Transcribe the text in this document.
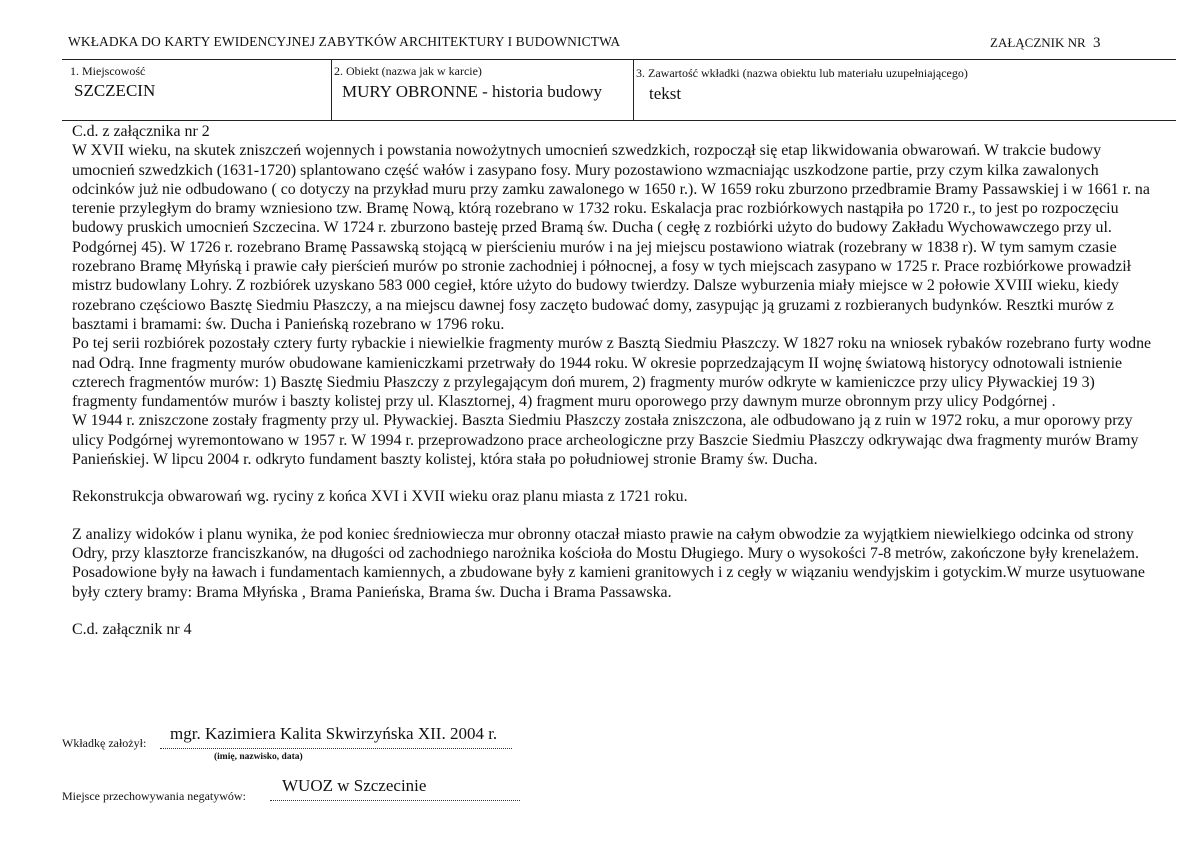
WKŁADKA DO KARTY EWIDENCYJNEJ ZABYTKÓW ARCHITEKTURY I BUDOWNICTWA	ZAŁĄCZNIK NR 3
1. Miejscowość
SZCZECIN
2. Obiekt (nazwa jak w karcie)
MURY OBRONNE - historia budowy
3. Zawartość wkładki (nazwa obiektu lub materiału uzupełniającego)
tekst

C.d. z załącznika nr 2

W XVII wieku, na skutek zniszczeń wojennych i powstania nowożytnych umocnień szwedzkich, rozpoczął się etap likwidowania obwarowań. W trakcie budowy umocnień szwedzkich (1631-1720) splantowano część wałów i zasypano fosy. Mury pozostawiono wzmacniając uszkodzone partie, przy czym kilka zawalonych odcinków już nie odbudowano ( co dotyczy na przykład muru przy zamku zawalonego w 1650 r.). W 1659 roku zburzono przedbramie Bramy Passawskiej i w 1661 r. na terenie przyległym do bramy wzniesiono tzw. Bramę Nową, którą rozebrano w 1732 roku. Eskalacja prac rozbiórkowych nastąpiła po 1720 r., to jest po rozpoczęciu budowy pruskich umocnień Szczecina. W 1724 r. zburzono basteję przed Bramą św. Ducha ( cegłę z rozbiórki użyto do budowy Zakładu Wychowawczego przy ul. Podgórnej 45). W 1726 r. rozebrano Bramę Passawską stojącą w pierścieniu murów i na jej miejscu postawiono wiatrak (rozebrany w 1838 r). W tym samym czasie rozebrano Bramę Młyńską i prawie cały pierścień murów po stronie zachodniej i północnej, a fosy w tych miejscach zasypano w 1725 r. Prace rozbiórkowe prowadził mistrz budowlany Lohry. Z rozbiórek uzyskano 583 000 cegieł, które użyto do budowy twierdzy. Dalsze wyburzenia miały miejsce w 2 połowie XVIII wieku, kiedy rozebrano częściowo Basztę Siedmiu Płaszczy, a na miejscu dawnej fosy zaczęto budować domy, zasypując ją gruzami z rozbieranych budynków. Resztki murów z basztami i bramami: św. Ducha i Panieńską rozebrano w 1796 roku.

Po tej serii rozbiórek pozostały cztery furty rybackie i niewielkie fragmenty murów z Basztą Siedmiu Płaszczy. W 1827 roku na wniosek rybaków rozebrano furty wodne nad Odrą. Inne fragmenty murów obudowane kamieniczkami przetrwały do 1944 roku. W okresie poprzedzającym II wojnę światową historycy odnotowali istnienie czterech fragmentów murów: 1) Basztę Siedmiu Płaszczy z przylegającym doń murem, 2) fragmenty murów odkryte w kamieniczce przy ulicy Pływackiej 19 3) fragmenty fundamentów murów i baszty kolistej przy ul. Klasztornej, 4) fragment muru oporowego przy dawnym murze obronnym przy ulicy Podgórnej .

W 1944 r. zniszczone zostały fragmenty przy ul. Pływackiej. Baszta Siedmiu Płaszczy została zniszczona, ale odbudowano ją z ruin w 1972 roku, a mur oporowy przy ulicy Podgórnej wyremontowano w 1957 r. W 1994 r. przeprowadzono prace archeologiczne przy Baszcie Siedmiu Płaszczy odkrywając dwa fragmenty murów Bramy Panieńskiej. W lipcu 2004 r. odkryto fundament baszty kolistej, która stała po południowej stronie Bramy św. Ducha.

Rekonstrukcja obwarowań wg. ryciny z końca XVI i XVII wieku oraz planu miasta z 1721 roku.

Z analizy widoków i planu wynika, że pod koniec średniowiecza mur obronny otaczał miasto prawie na całym obwodzie za wyjątkiem niewielkiego odcinka od strony Odry, przy klasztorze franciszkanów, na długości od zachodniego narożnika kościoła do Mostu Długiego. Mury o wysokości 7-8 metrów, zakończone były krenelażem. Posadowione były na ławach i fundamentach kamiennych, a zbudowane były z kamieni granitowych i z cegły w wiązaniu wendyjskim i gotyckim.W murze usytuowane były cztery bramy: Brama Młyńska , Brama Panieńska, Brama św. Ducha i Brama Passawska.

C.d. załącznik nr 4

Wkładkę założył: mgr. Kazimiera Kalita Skwirzyńska XII. 2004 r.
(imię, nazwisko, data)
Miejsce przechowywania negatywów:
WUOZ w Szczecinie
